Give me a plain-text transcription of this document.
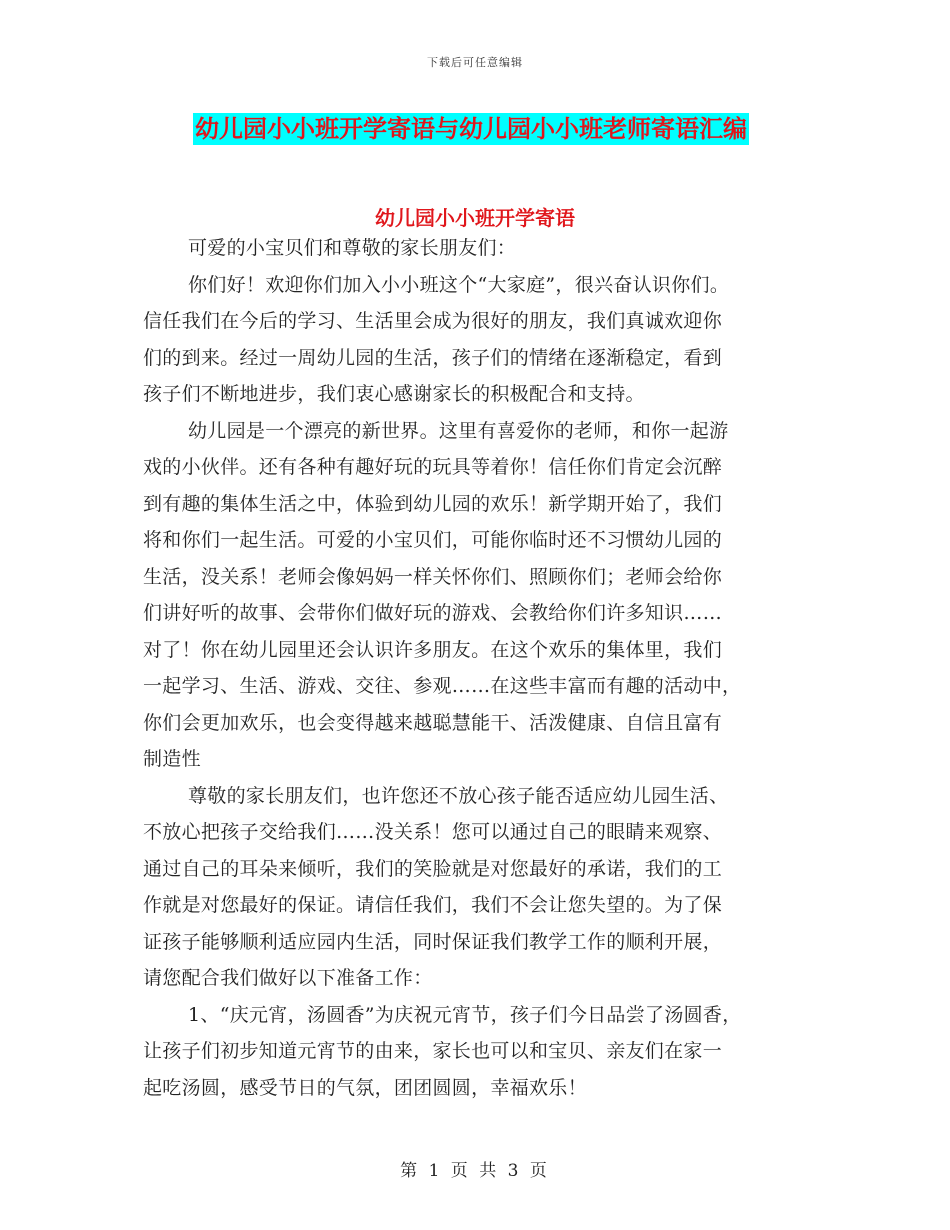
下载后可任意编辑
幼儿园小小班开学寄语与幼儿园小小班老师寄语汇编
幼儿园小小班开学寄语
可爱的小宝贝们和尊敬的家长朋友们：
你们好！欢迎你们加入小小班这个“大家庭”，很兴奋认识你们。
信任我们在今后的学习、生活里会成为很好的朋友，我们真诚欢迎你
们的到来。经过一周幼儿园的生活，孩子们的情绪在逐渐稳定，看到
孩子们不断地进步，我们衷心感谢家长的积极配合和支持。
幼儿园是一个漂亮的新世界。这里有喜爱你的老师，和你一起游
戏的小伙伴。还有各种有趣好玩的玩具等着你！信任你们肯定会沉醉
到有趣的集体生活之中，体验到幼儿园的欢乐！新学期开始了，我们
将和你们一起生活。可爱的小宝贝们，可能你临时还不习惯幼儿园的
生活，没关系！老师会像妈妈一样关怀你们、照顾你们；老师会给你
们讲好听的故事、会带你们做好玩的游戏、会教给你们许多知识……
对了！你在幼儿园里还会认识许多朋友。在这个欢乐的集体里，我们
一起学习、生活、游戏、交往、参观……在这些丰富而有趣的活动中，
你们会更加欢乐，也会变得越来越聪慧能干、活泼健康、自信且富有
制造性
尊敬的家长朋友们，也许您还不放心孩子能否适应幼儿园生活、
不放心把孩子交给我们……没关系！您可以通过自己的眼睛来观察、
通过自己的耳朵来倾听，我们的笑脸就是对您最好的承诺，我们的工
作就是对您最好的保证。请信任我们，我们不会让您失望的。为了保
证孩子能够顺利适应园内生活，同时保证我们教学工作的顺利开展，
请您配合我们做好以下准备工作：
1、“庆元宵，汤圆香”为庆祝元宵节，孩子们今日品尝了汤圆香，
让孩子们初步知道元宵节的由来，家长也可以和宝贝、亲友们在家一
起吃汤圆，感受节日的气氛，团团圆圆，幸福欢乐！
第 1 页 共 3 页
